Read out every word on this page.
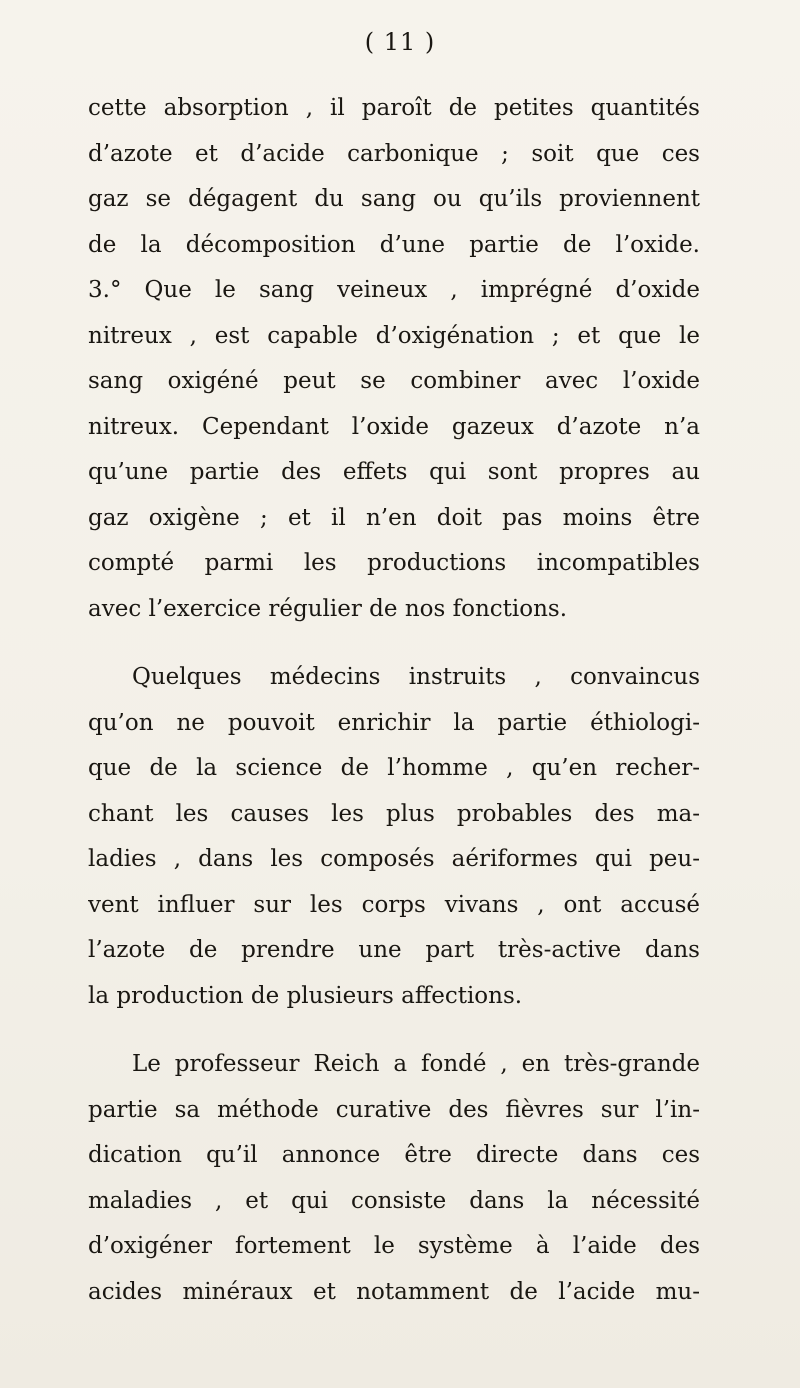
( 11 )
cette absorption , il paroît de petites quantités
d’azote et d’acide carbonique ; soit que ces
gaz se dégagent du sang ou qu’ils proviennent
de la décomposition d’une partie de l’oxide.
3.° Que le sang veineux , imprégné d’oxide
nitreux , est capable d’oxigénation ; et que le
sang oxigéné peut se combiner avec l’oxide
nitreux. Cependant l’oxide gazeux d’azote n’a
qu’une partie des effets qui sont propres au
gaz oxigène ; et il n’en doit pas moins être
compté parmi les productions incompatibles
avec l’exercice régulier de nos fonctions.
Quelques médecins instruits , convaincus
qu’on ne pouvoit enrichir la partie éthiologi-
que de la science de l’homme , qu’en recher-
chant les causes les plus probables des ma-
ladies , dans les composés aériformes qui peu-
vent influer sur les corps vivans , ont accusé
l’azote de prendre une part très-active dans
la production de plusieurs affections.
Le professeur Reich a fondé , en très-grande
partie sa méthode curative des fièvres sur l’in-
dication qu’il annonce être directe dans ces
maladies , et qui consiste dans la nécessité
d’oxigéner fortement le système à l’aide des
acides minéraux et notamment de l’acide mu-
